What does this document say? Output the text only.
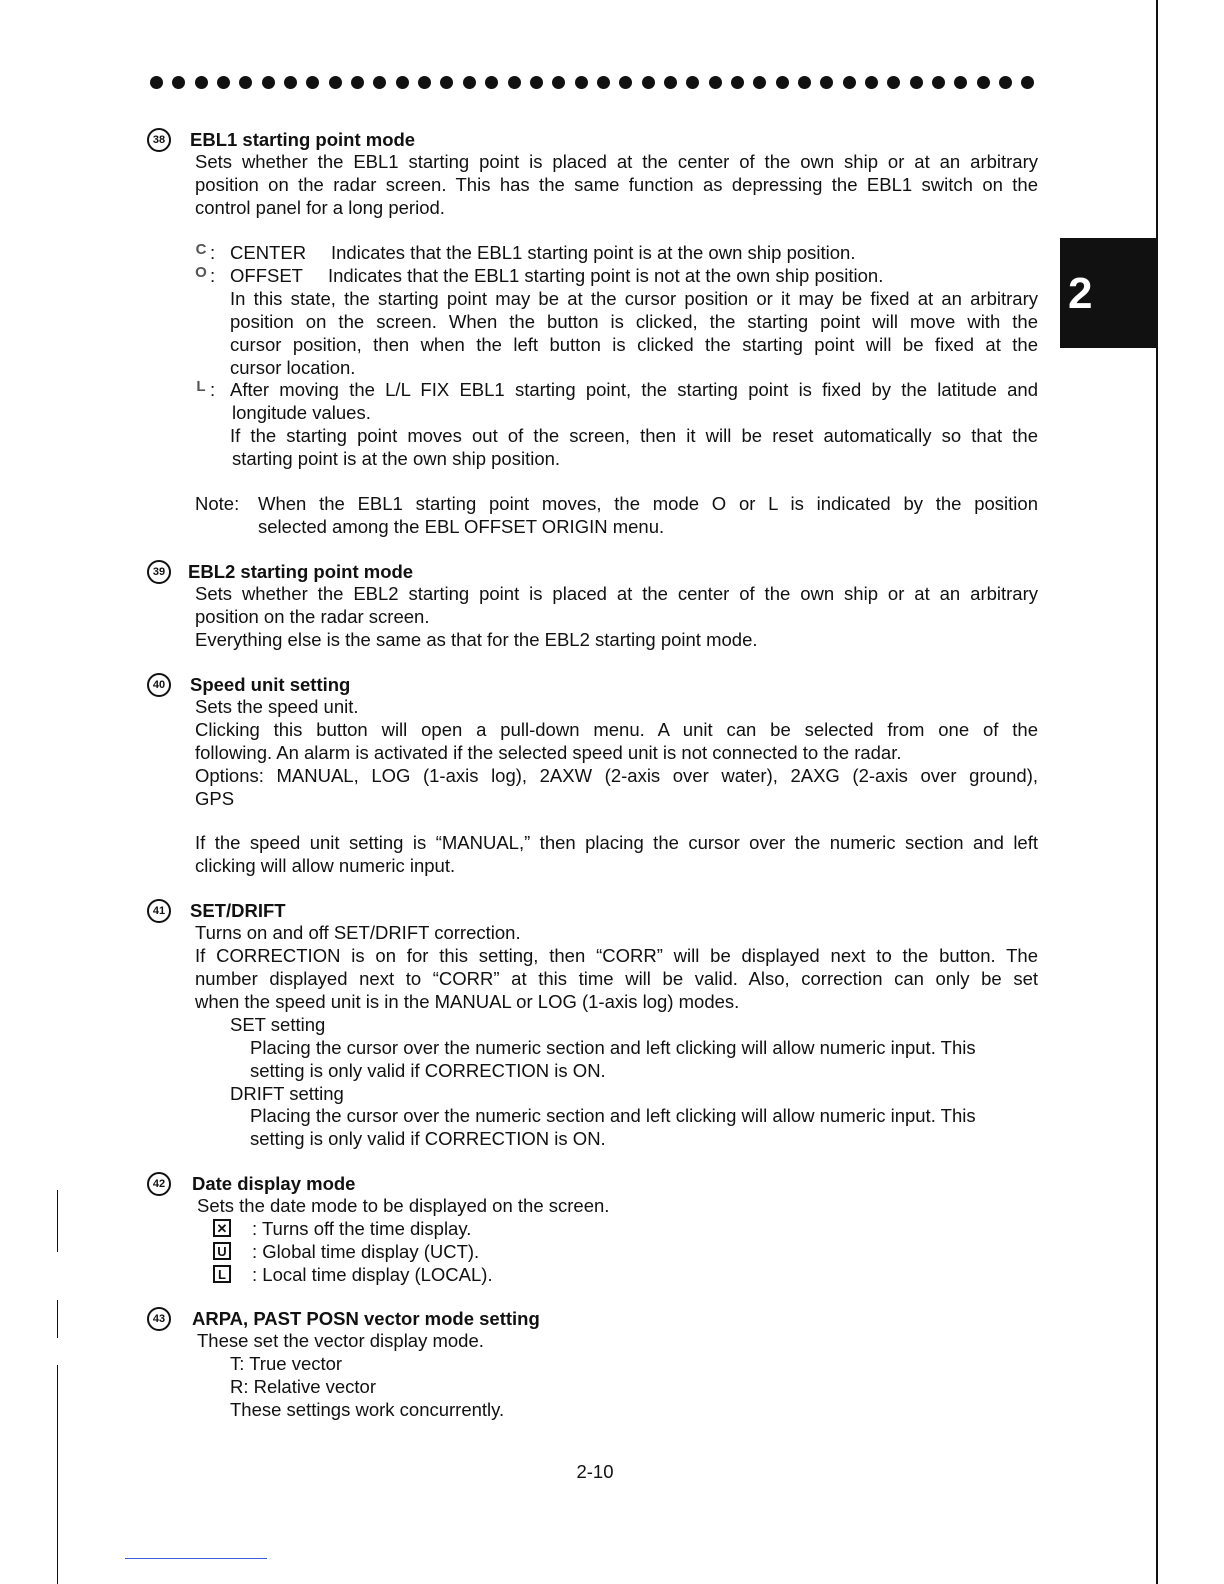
2
38	EBL1 starting point mode
Sets whether the EBL1 starting point is placed at the center of the own ship or at an arbitrary
position on the radar screen. This has the same function as depressing the EBL1 switch on the
control panel for a long period.
C : CENTER Indicates that the EBL1 starting point is at the own ship position.
O : OFFSET Indicates that the EBL1 starting point is not at the own ship position.
In this state, the starting point may be at the cursor position or it may be fixed at an arbitrary
position on the screen. When the button is clicked, the starting point will move with the
cursor position, then when the left button is clicked the starting point will be fixed at the
cursor location.
L : After moving the L/L FIX EBL1 starting point, the starting point is fixed by the latitude and
longitude values.
If the starting point moves out of the screen, then it will be reset automatically so that the
starting point is at the own ship position.
Note: When the EBL1 starting point moves, the mode O or L is indicated by the position
selected among the EBL OFFSET ORIGIN menu.
39	EBL2 starting point mode
Sets whether the EBL2 starting point is placed at the center of the own ship or at an arbitrary
position on the radar screen.
Everything else is the same as that for the EBL2 starting point mode.
40	Speed unit setting
Sets the speed unit.
Clicking this button will open a pull-down menu. A unit can be selected from one of the
following. An alarm is activated if the selected speed unit is not connected to the radar.
Options: MANUAL, LOG (1-axis log), 2AXW (2-axis over water), 2AXG (2-axis over ground),
GPS
If the speed unit setting is “MANUAL,” then placing the cursor over the numeric section and left
clicking will allow numeric input.
41	SET/DRIFT
Turns on and off SET/DRIFT correction.
If CORRECTION is on for this setting, then “CORR” will be displayed next to the button. The
number displayed next to “CORR” at this time will be valid. Also, correction can only be set
when the speed unit is in the MANUAL or LOG (1-axis log) modes.
SET setting
Placing the cursor over the numeric section and left clicking will allow numeric input. This
setting is only valid if CORRECTION is ON.
DRIFT setting
Placing the cursor over the numeric section and left clicking will allow numeric input. This
setting is only valid if CORRECTION is ON.
42	Date display mode
Sets the date mode to be displayed on the screen.
✕ : Turns off the time display.
U : Global time display (UCT).
L : Local time display (LOCAL).
43	ARPA, PAST POSN vector mode setting
These set the vector display mode.
T: True vector
R: Relative vector
These settings work concurrently.
2-10
